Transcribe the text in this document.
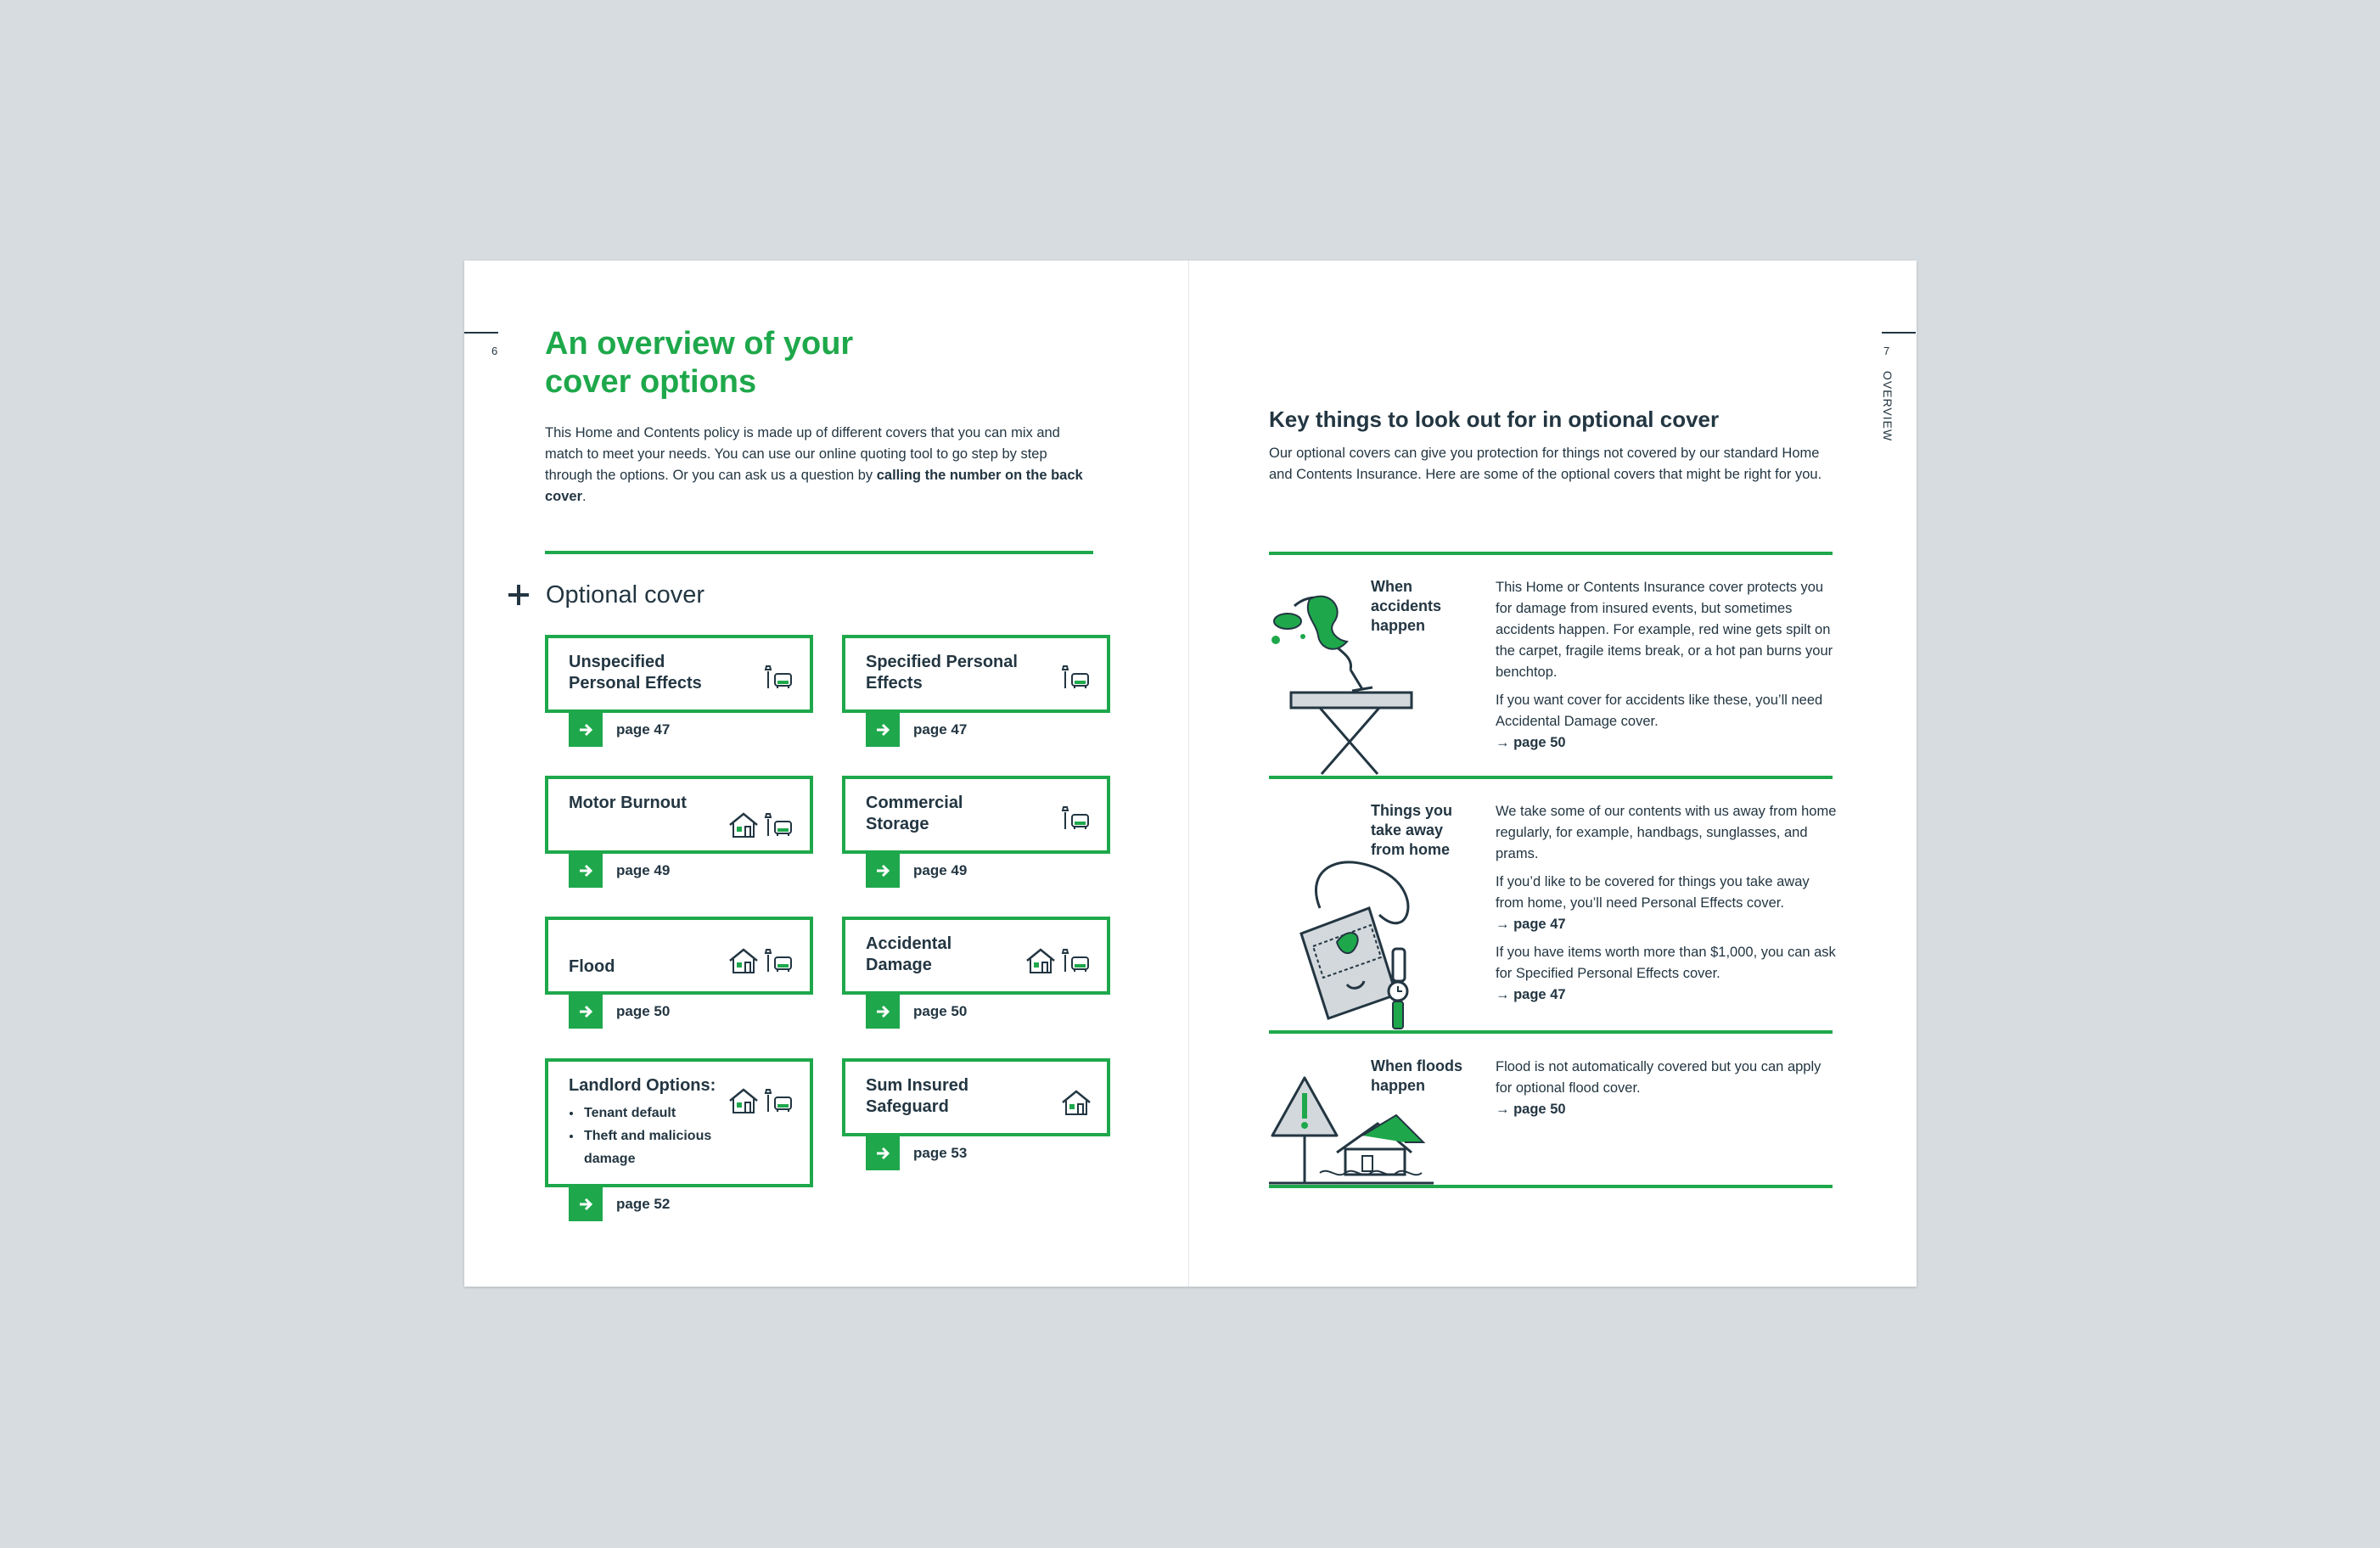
6 An overview of your
cover options

This Home and Contents policy is made up of different covers that you can mix and match to meet your needs. You can use our online quoting tool to go step by step through the options. Or you can ask us a question by calling the number on the back cover.

Optional cover
Unspecified Personal Effects
page 47
Specified Personal Effects
page 47
Motor Burnout
page 49
Commercial Storage
page 49
Flood
page 50
Accidental Damage
page 50
Landlord Options:
• Tenant default
• Theft and malicious damage
page 52
Sum Insured Safeguard
page 53
7
OVERVIEW
Key things to look out for in optional cover

Our optional covers can give you protection for things not covered by our standard Home and Contents Insurance. Here are some of the optional covers that might be right for you.

When accidents happen

This Home or Contents Insurance cover protects you for damage from insured events, but sometimes accidents happen. For example, red wine gets spilt on the carpet, fragile items break, or a hot pan burns your benchtop.

If you want cover for accidents like these, you’ll need Accidental Damage cover.

→ page 50
Things you take away from home

We take some of our contents with us away from home regularly, for example, handbags, sunglasses, and prams.

If you’d like to be covered for things you take away from home, you’ll need Personal Effects cover.

→ page 47

If you have items worth more than $1,000, you can ask for Specified Personal Effects cover.

→ page 47
When floods happen

Flood is not automatically covered but you can apply for optional flood cover.

→ page 50
